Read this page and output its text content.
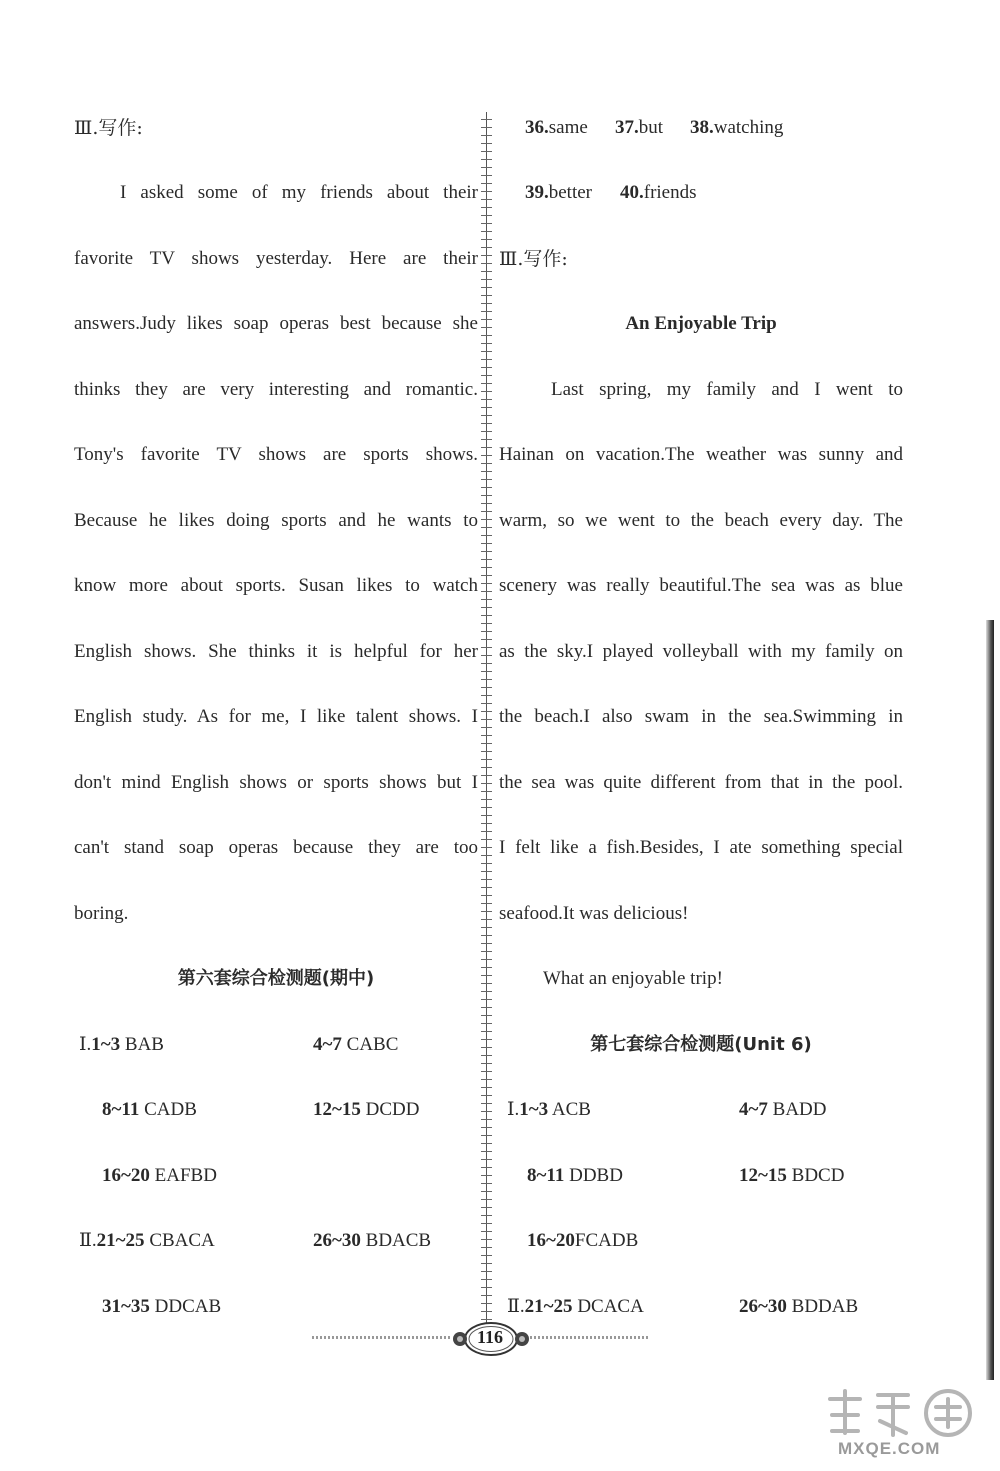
Ⅲ.写作:
I asked some of my friends about their
favorite TV shows yesterday. Here are their
answers.Judy likes soap operas best because she
thinks they are very interesting and romantic.
Tony's favorite TV shows are sports shows.
Because he likes doing sports and he wants to
know more about sports. Susan likes to watch
English shows. She thinks it is helpful for her
English study. As for me, I like talent shows. I
don't mind English shows or sports shows but I
can't stand soap operas because they are too
boring.
第六套综合检测题(期中)
Ⅰ.1~3 BAB	4~7 CABC
8~11 CADB	12~15 DCDD
16~20 EAFBD
Ⅱ.21~25 CBACA	26~30 BDACB
31~35 DDCAB
36.same 37.but 38.watching
39.better 40.friends
Ⅲ.写作:
An Enjoyable Trip
Last spring, my family and I went to
Hainan on vacation.The weather was sunny and
warm, so we went to the beach every day. The
scenery was really beautiful.The sea was as blue
as the sky.I played volleyball with my family on
the beach.I also swam in the sea.Swimming in
the sea was quite different from that in the pool.
I felt like a fish.Besides, I ate something special
seafood.It was delicious!
What an enjoyable trip!
第七套综合检测题(Unit 6)
Ⅰ.1~3 ACB	4~7 BADD
8~11 DDBD	12~15 BDCD
16~20FCADB
Ⅱ.21~25 DCACA	26~30 BDDAB
116
MXQE.COM
